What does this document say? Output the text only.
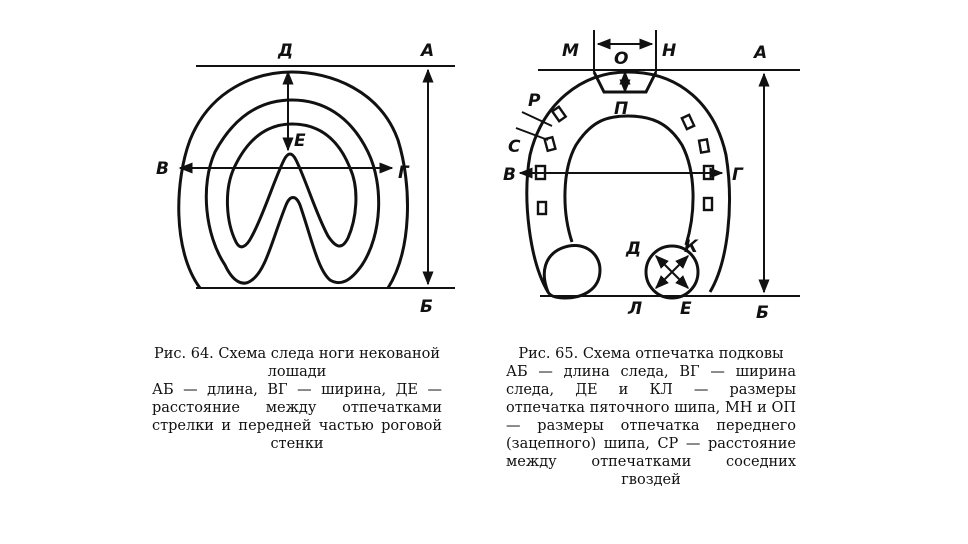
Д	А
Е
В	Г
Б
М О Н	А
П
Р
С
В	Г
Д	К
Л Е	Б
Рис. 64. Схема следа ноги некованой лошади
АБ — длина, ВГ — ширина, ДЕ — расстояние между отпечатками стрелки и передней частью роговой стенки
Рис. 65. Схема отпечатка подковы
АБ — длина следа, ВГ — ширина следа, ДЕ и КЛ — размеры отпечатка пяточного шипа, МН и ОП — размеры отпечатка переднего (зацепного) шипа, СР — расстояние между отпечатками соседних гвоздей
